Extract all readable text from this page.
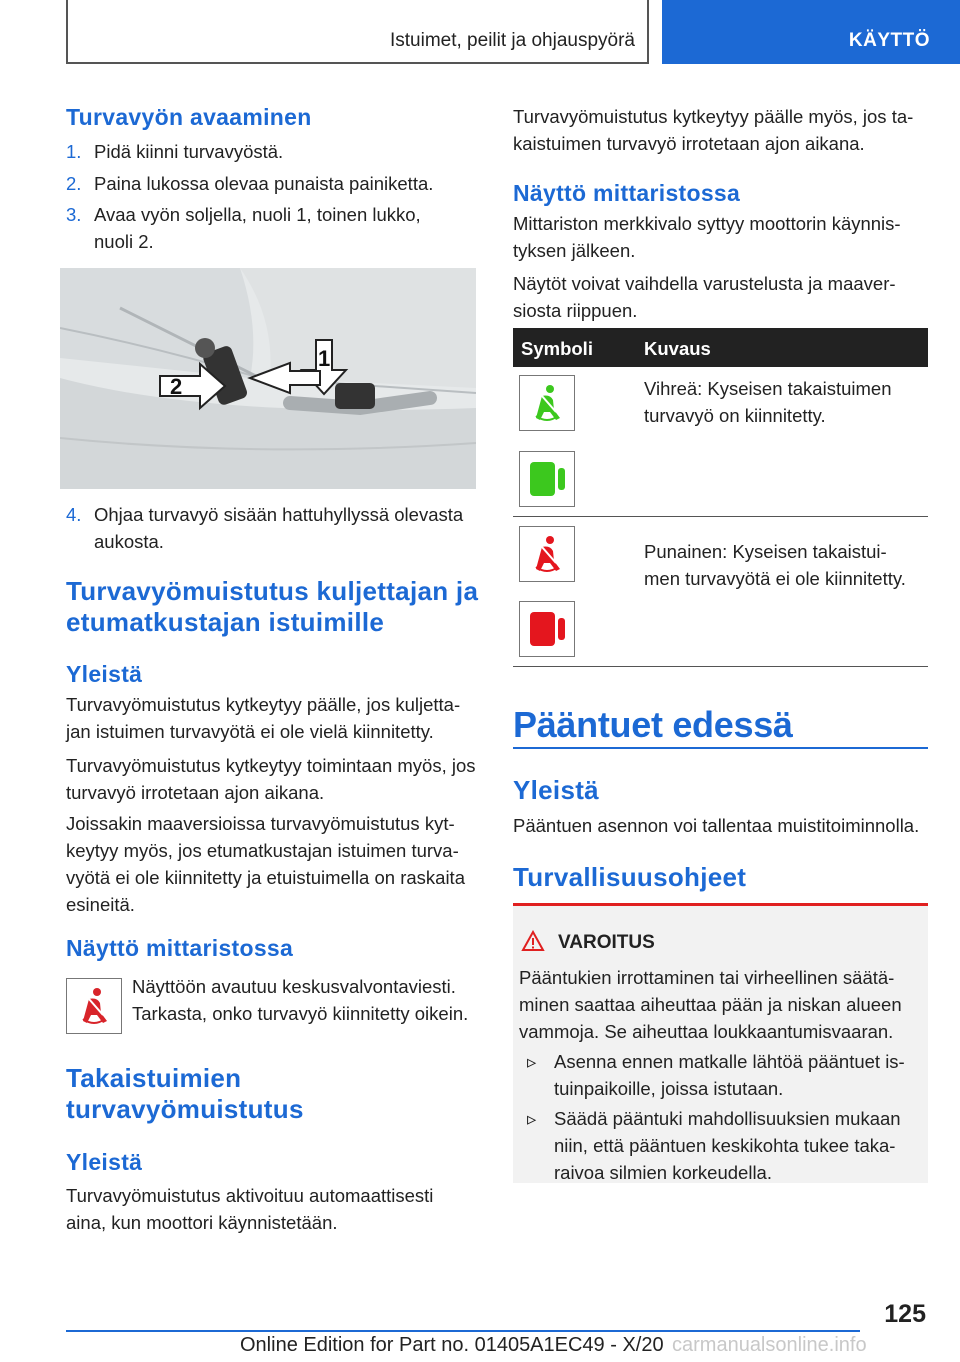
Istuimet, peilit ja ohjauspyörä	KÄYTTÖ
Turvavyön avaaminen
1. Pidä kiinni turvavyöstä.
2. Paina lukossa olevaa punaista painiketta.
3. Avaa vyön soljella, nuoli 1, toinen lukko, nuoli 2.
2
1
4. Ohjaa turvavyö sisään hattuhyllyssä olevasta aukosta.
Turvavyömuistutus kuljettajan ja etumatkustajan istuimille
Yleistä
Turvavyömuistutus kytkeytyy päälle, jos kuljetta‐ jan istuimen turvavyötä ei ole vielä kiinnitetty.
Turvavyömuistutus kytkeytyy toimintaan myös, jos turvavyö irrotetaan ajon aikana.
Joissakin maaversioissa turvavyömuistutus kyt‐ keytyy myös, jos etumatkustajan istuimen turva‐ vyötä ei ole kiinnitetty ja etuistuimella on raskaita esineitä.
Näyttö mittaristossa
Näyttöön avautuu keskusvalvontaviesti. Tarkasta, onko turvavyö kiinnitetty oikein.
Takaistuimien turvavyömuistutus
Yleistä
Turvavyömuistutus aktivoituu automaattisesti aina, kun moottori käynnistetään.
Turvavyömuistutus kytkeytyy päälle myös, jos ta‐ kaistuimen turvavyö irrotetaan ajon aikana.
Näyttö mittaristossa
Mittariston merkkivalo syttyy moottorin käynnis‐ tyksen jälkeen.
Näytöt voivat vaihdella varustelusta ja maaver‐ siosta riippuen.
Symboli	Kuvaus
Vihreä: Kyseisen takaistuimen turvavyö on kiinnitetty.
Punainen: Kyseisen takaistui‐ men turvavyötä ei ole kiinnitetty.
Pääntuet edessä
Yleistä
Pääntuen asennon voi tallentaa muistitoiminnolla.
Turvallisuusohjeet
VAROITUS
Pääntukien irrottaminen tai virheellinen säätä‐ minen saattaa aiheuttaa pään ja niskan alueen vammoja. Se aiheuttaa loukkaantumisvaaran.
▹ Asenna ennen matkalle lähtöä pääntuet is‐ tuinpaikoille, joissa istutaan.
▹ Säädä pääntuki mahdollisuuksien mukaan niin, että pääntuen keskikohta tukee taka‐ raivoa silmien korkeudella.
125
Online Edition for Part no. 01405A1EC49 - X/20 carmanualsonline.info
